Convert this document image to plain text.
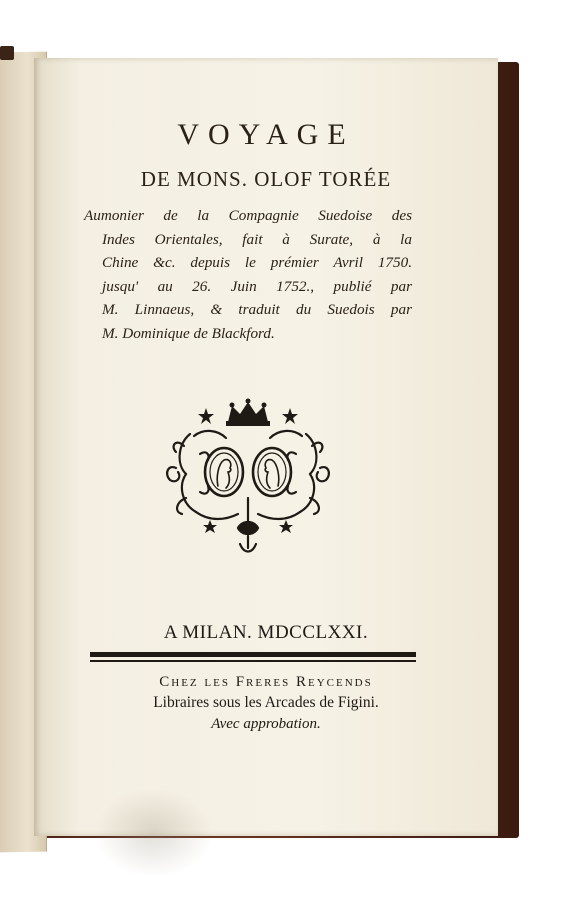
VOYAGE
DE MONS. OLOF TORÉE
Aumonier de la Compagnie Suedoise des
Indes Orientales, fait à Surate, à la
Chine &c. depuis le prémier Avril 1750.
jusqu' au 26. Juin 1752., publié par
M. Linnaeus, & traduit du Suedois par
M. Dominique de Blackford.
A MILAN. MDCCLXXI.
Chez les Freres Reycends
Libraires sous les Arcades de Figini.
Avec approbation.
